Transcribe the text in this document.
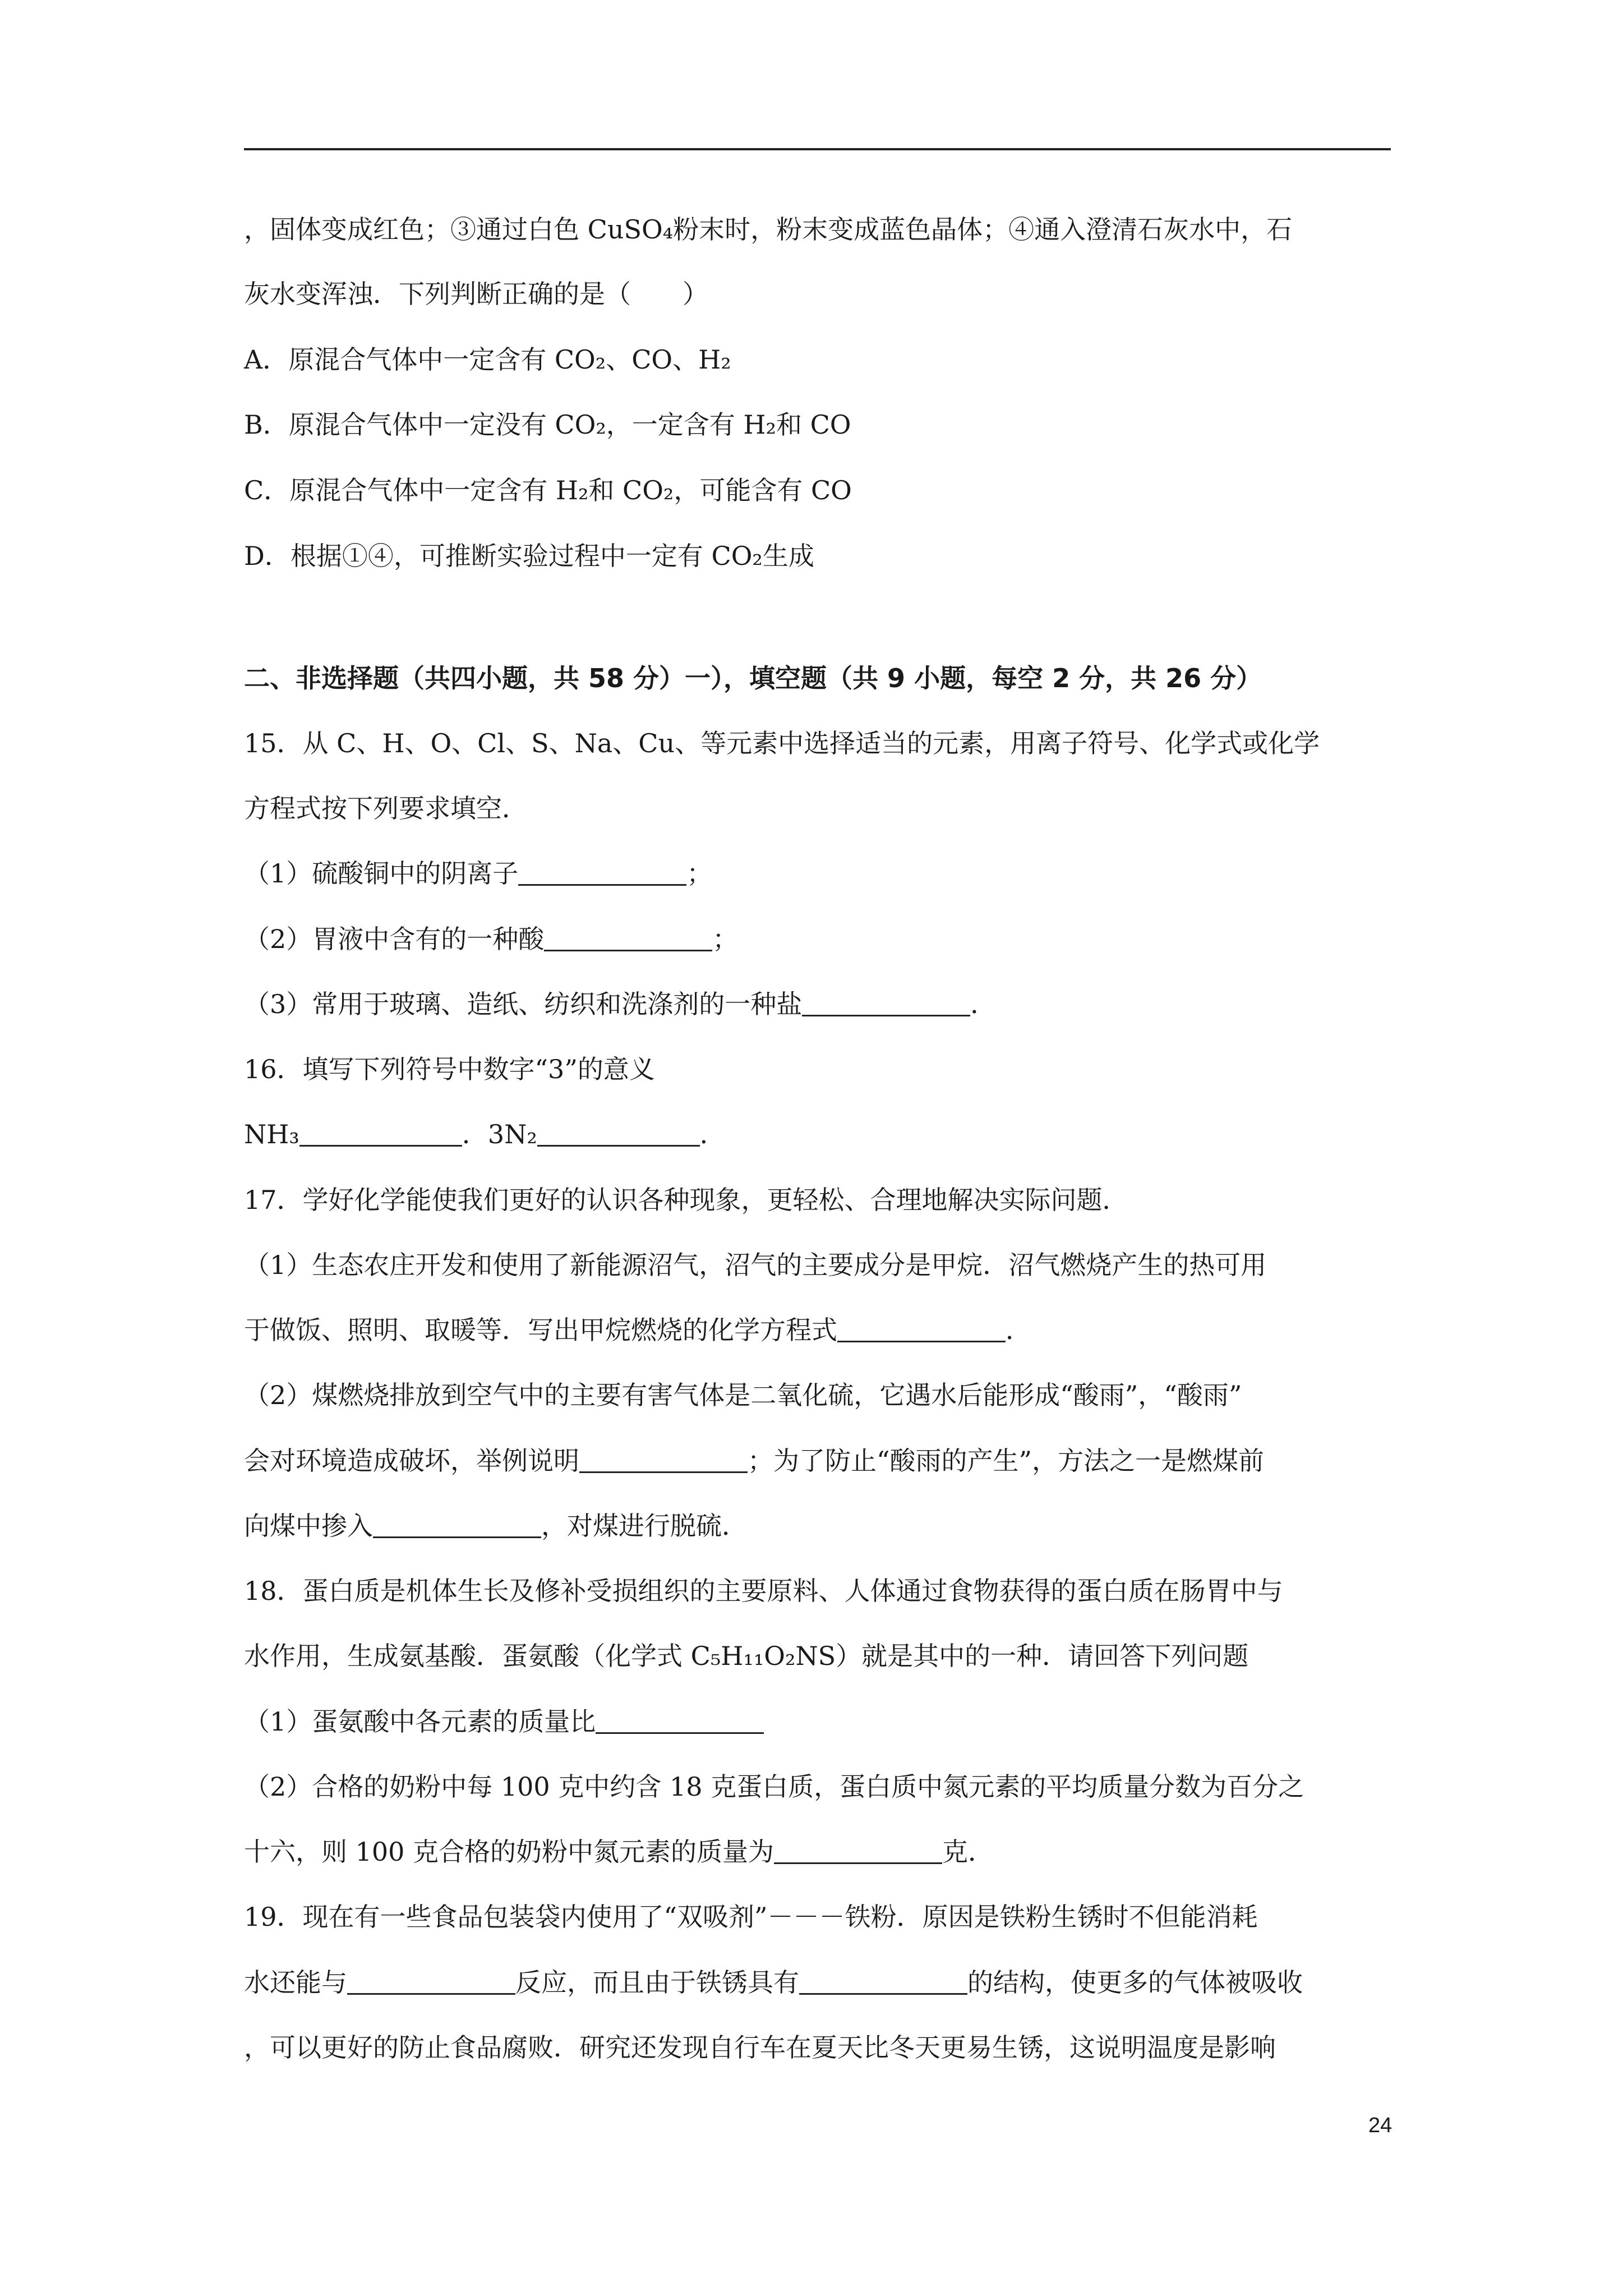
，固体变成红色；③通过白色 CuSO₄粉末时，粉末变成蓝色晶体；④通入澄清石灰水中，石
灰水变浑浊．下列判断正确的是（　　）
A．原混合气体中一定含有 CO₂、CO、H₂
B．原混合气体中一定没有 CO₂，一定含有 H₂和 CO
C．原混合气体中一定含有 H₂和 CO₂，可能含有 CO
D．根据①④，可推断实验过程中一定有 CO₂生成
二、非选择题（共四小题，共 58 分）一），填空题（共 9 小题，每空 2 分，共 26 分）
15．从 C、H、O、Cl、S、Na、Cu、等元素中选择适当的元素，用离子符号、化学式或化学
方程式按下列要求填空．
（1）硫酸铜中的阴离子	；
（2）胃液中含有的一种酸	；
（3）常用于玻璃、造纸、纺织和洗涤剂的一种盐	．
16．填写下列符号中数字“3”的意义
NH₃	．3N₂	．
17．学好化学能使我们更好的认识各种现象，更轻松、合理地解决实际问题．
（1）生态农庄开发和使用了新能源沼气，沼气的主要成分是甲烷．沼气燃烧产生的热可用
于做饭、照明、取暖等．写出甲烷燃烧的化学方程式	．
（2）煤燃烧排放到空气中的主要有害气体是二氧化硫，它遇水后能形成“酸雨”，“酸雨”
会对环境造成破坏，举例说明	；为了防止“酸雨的产生”，方法之一是燃煤前
向煤中掺入	，对煤进行脱硫．
18．蛋白质是机体生长及修补受损组织的主要原料、人体通过食物获得的蛋白质在肠胃中与
水作用，生成氨基酸．蛋氨酸（化学式 C₅H₁₁O₂NS）就是其中的一种．请回答下列问题
（1）蛋氨酸中各元素的质量比
（2）合格的奶粉中每 100 克中约含 18 克蛋白质，蛋白质中氮元素的平均质量分数为百分之
十六，则 100 克合格的奶粉中氮元素的质量为	克．
19．现在有一些食品包装袋内使用了“双吸剂”－－－铁粉．原因是铁粉生锈时不但能消耗
水还能与	反应，而且由于铁锈具有	的结构，使更多的气体被吸收
，可以更好的防止食品腐败．研究还发现自行车在夏天比冬天更易生锈，这说明温度是影响
24
